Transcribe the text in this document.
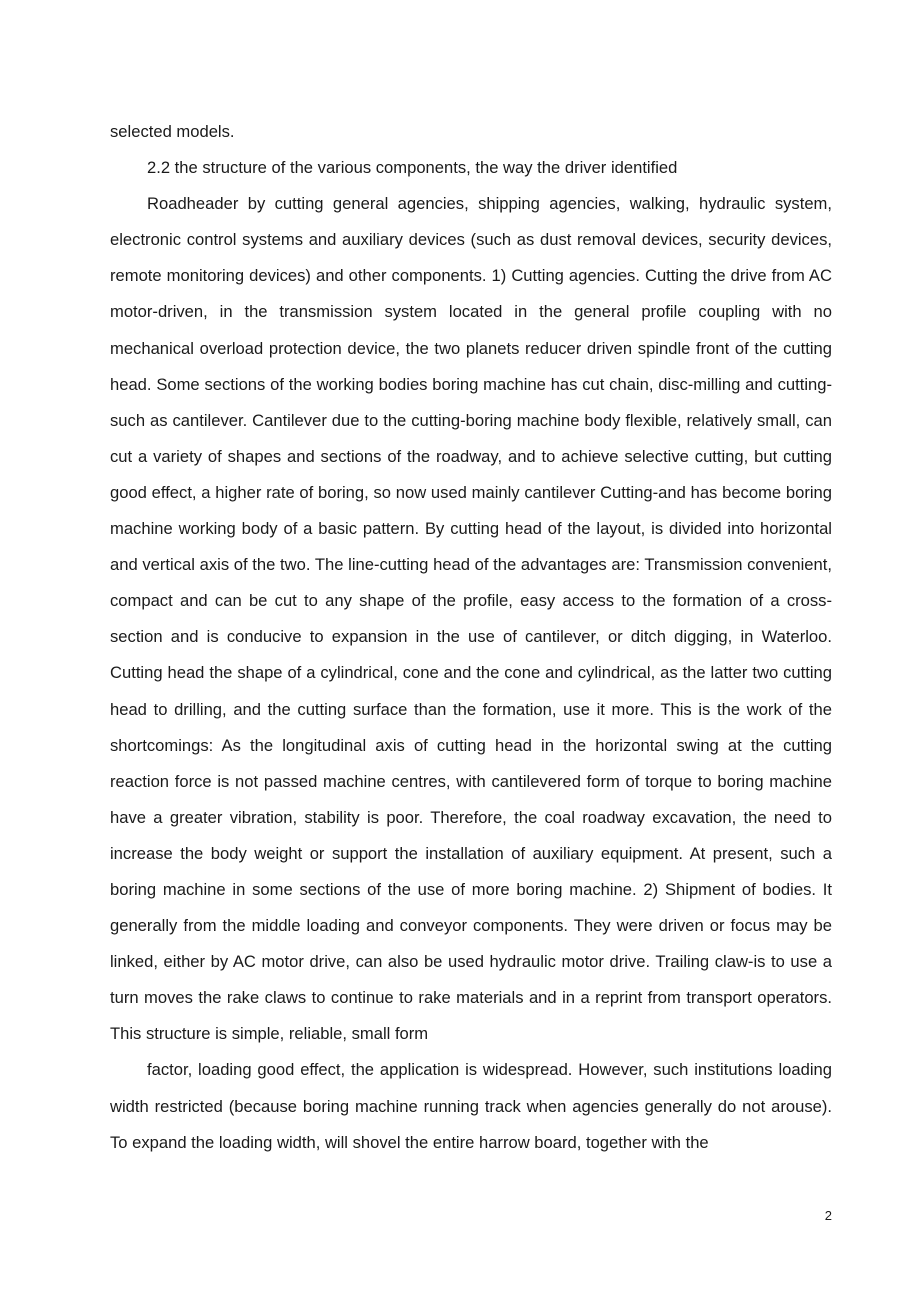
selected models.

2.2 the structure of the various components, the way the driver identified

Roadheader by cutting general agencies, shipping agencies, walking, hydraulic system, electronic control systems and auxiliary devices (such as dust removal devices, security devices, remote monitoring devices) and other components. 1) Cutting agencies. Cutting the drive from AC motor-driven, in the transmission system located in the general profile coupling with no mechanical overload protection device, the two planets reducer driven spindle front of the cutting head. Some sections of the working bodies boring machine has cut chain, disc-milling and cutting-such as cantilever. Cantilever due to the cutting-boring machine body flexible, relatively small, can cut a variety of shapes and sections of the roadway, and to achieve selective cutting, but cutting good effect, a higher rate of boring, so now used mainly cantilever Cutting-and has become boring machine working body of a basic pattern. By cutting head of the layout, is divided into horizontal and vertical axis of the two. The line-cutting head of the advantages are: Transmission convenient, compact and can be cut to any shape of the profile, easy access to the formation of a cross-section and is conducive to expansion in the use of cantilever, or ditch digging, in Waterloo. Cutting head the shape of a cylindrical, cone and the cone and cylindrical, as the latter two cutting head to drilling, and the cutting surface than the formation, use it more. This is the work of the shortcomings: As the longitudinal axis of cutting head in the horizontal swing at the cutting reaction force is not passed machine centres, with cantilevered form of torque to boring machine have a greater vibration, stability is poor. Therefore, the coal roadway excavation, the need to increase the body weight or support the installation of auxiliary equipment. At present, such a boring machine in some sections of the use of more boring machine. 2) Shipment of bodies. It generally from the middle loading and conveyor components. They were driven or focus may be linked, either by AC motor drive, can also be used hydraulic motor drive. Trailing claw-is to use a turn moves the rake claws to continue to rake materials and in a reprint from transport operators. This structure is simple, reliable, small form

factor, loading good effect, the application is widespread. However, such institutions loading width restricted (because boring machine running track when agencies generally do not arouse). To expand the loading width, will shovel the entire harrow board, together with the

2
